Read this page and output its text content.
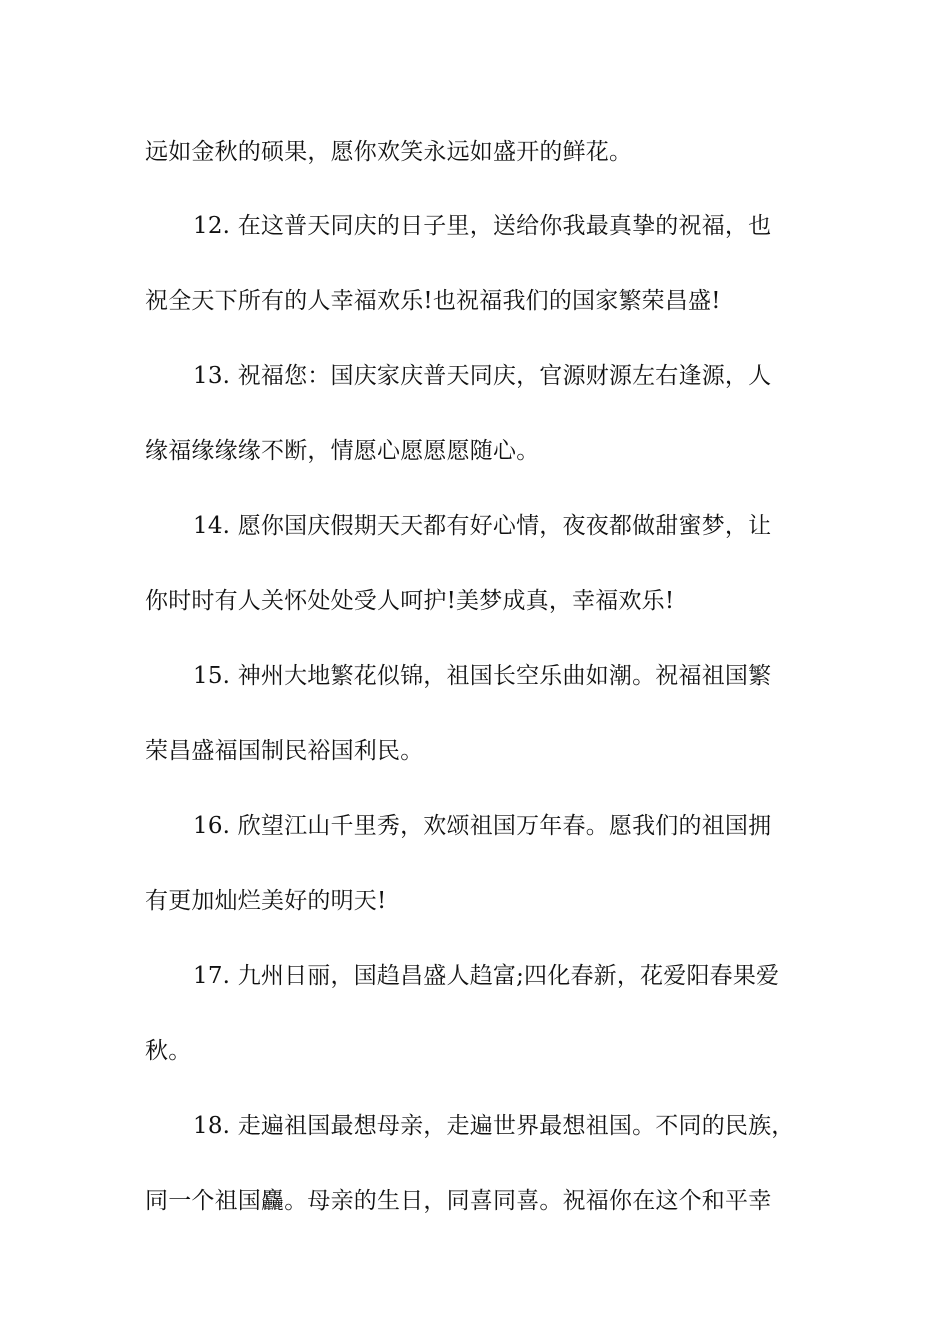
远如金秋的硕果，愿你欢笑永远如盛开的鲜花。
12. 在这普天同庆的日子里，送给你我最真挚的祝福，也
祝全天下所有的人幸福欢乐!也祝福我们的国家繁荣昌盛!
13. 祝福您：国庆家庆普天同庆，官源财源左右逢源，人
缘福缘缘缘不断，情愿心愿愿愿随心。
14. 愿你国庆假期天天都有好心情，夜夜都做甜蜜梦，让
你时时有人关怀处处受人呵护!美梦成真，幸福欢乐!
15. 神州大地繁花似锦，祖国长空乐曲如潮。祝福祖国繁
荣昌盛福国制民裕国利民。
16. 欣望江山千里秀，欢颂祖国万年春。愿我们的祖国拥
有更加灿烂美好的明天!
17. 九州日丽，国趋昌盛人趋富;四化春新，花爱阳春果爱
秋。
18. 走遍祖国最想母亲，走遍世界最想祖国。不同的民族，
同一个祖国麤。母亲的生日，同喜同喜。祝福你在这个和平幸
